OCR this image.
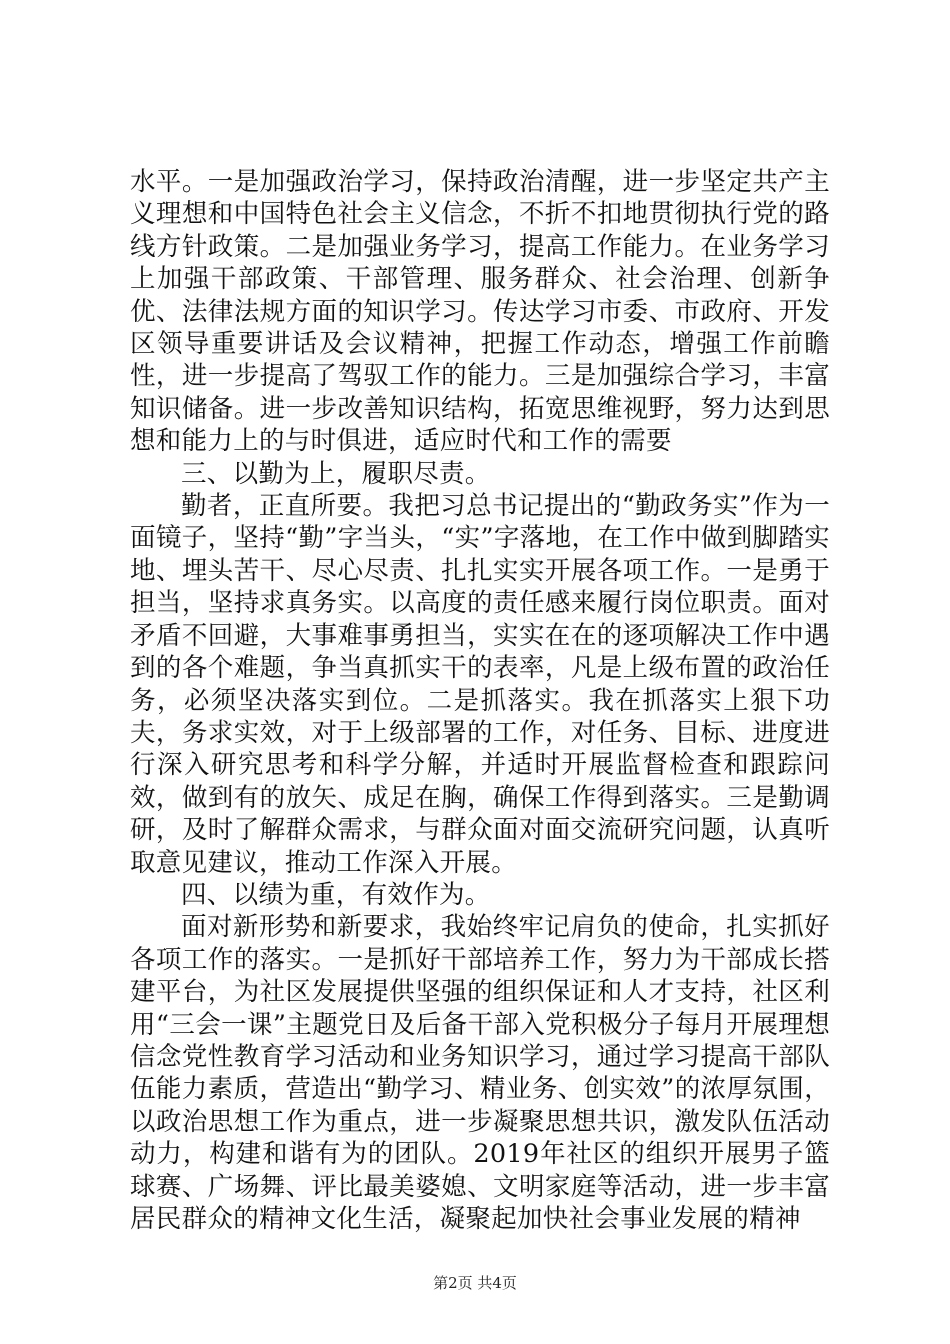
水平。一是加强政治学习，保持政治清醒，进一步坚定共产主义理想和中国特色社会主义信念，不折不扣地贯彻执行党的路线方针政策。二是加强业务学习，提高工作能力。在业务学习上加强干部政策、干部管理、服务群众、社会治理、创新争优、法律法规方面的知识学习。传达学习市委、市政府、开发区领导重要讲话及会议精神，把握工作动态，增强工作前瞻性，进一步提高了驾驭工作的能力。三是加强综合学习，丰富知识储备。进一步改善知识结构，拓宽思维视野，努力达到思想和能力上的与时俱进，适应时代和工作的需要

三、以勤为上，履职尽责。

勤者，正直所要。我把习总书记提出的“勤政务实”作为一面镜子，坚持“勤”字当头，“实”字落地，在工作中做到脚踏实地、埋头苦干、尽心尽责、扎扎实实开展各项工作。一是勇于担当，坚持求真务实。以高度的责任感来履行岗位职责。面对矛盾不回避，大事难事勇担当，实实在在的逐项解决工作中遇到的各个难题，争当真抓实干的表率，凡是上级布置的政治任务，必须坚决落实到位。二是抓落实。我在抓落实上狠下功夫，务求实效，对于上级部署的工作，对任务、目标、进度进行深入研究思考和科学分解，并适时开展监督检查和跟踪问效，做到有的放矢、成足在胸，确保工作得到落实。三是勤调研，及时了解群众需求，与群众面对面交流研究问题，认真听取意见建议，推动工作深入开展。

四、以绩为重，有效作为。

面对新形势和新要求，我始终牢记肩负的使命，扎实抓好各项工作的落实。一是抓好干部培养工作，努力为干部成长搭建平台，为社区发展提供坚强的组织保证和人才支持，社区利用“三会一课”主题党日及后备干部入党积极分子每月开展理想信念党性教育学习活动和业务知识学习，通过学习提高干部队伍能力素质，营造出“勤学习、精业务、创实效”的浓厚氛围，以政治思想工作为重点，进一步凝聚思想共识，激发队伍活动动力，构建和谐有为的团队。2019年社区的组织开展男子篮球赛、广场舞、评比最美婆媳、文明家庭等活动，进一步丰富居民群众的精神文化生活，凝聚起加快社会事业发展的精神

第2页 共4页
